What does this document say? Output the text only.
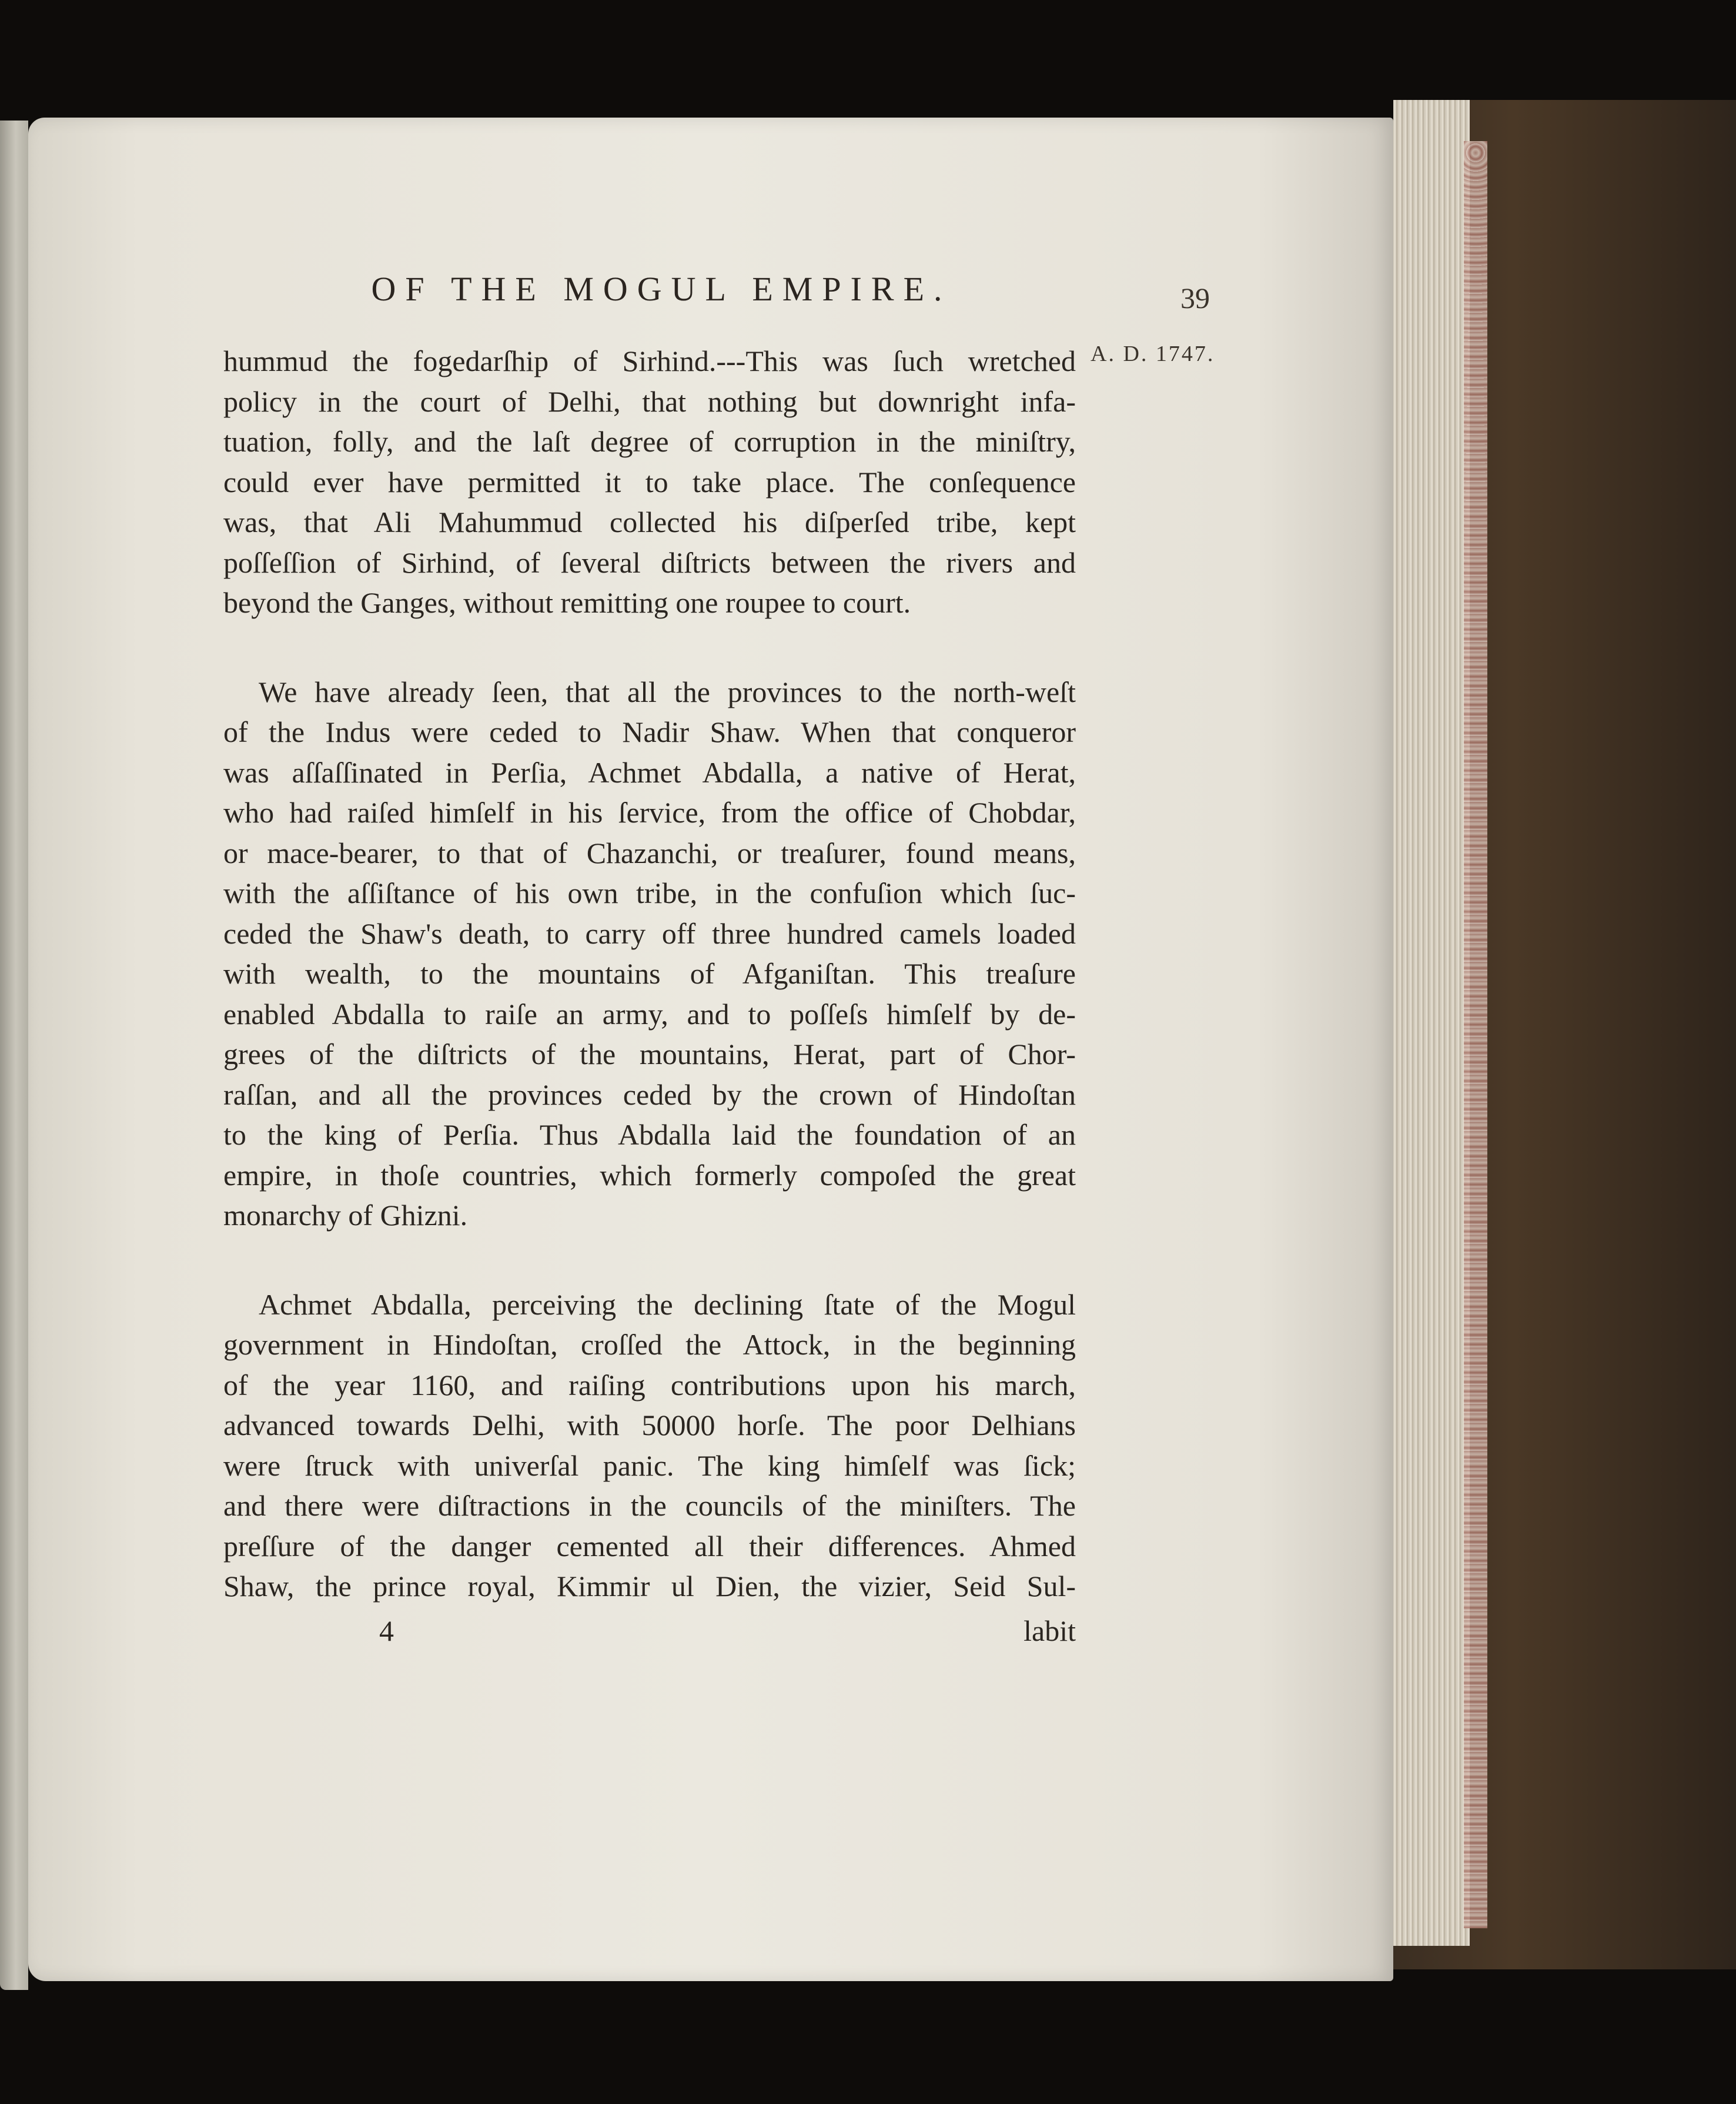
OF THE MOGUL EMPIRE.	39
A. D. 1747.
hummud the fogedarſhip of Sirhind.---This was ſuch wretched
policy in the court of Delhi, that nothing but downright infa-
tuation, folly, and the laſt degree of corruption in the miniſtry,
could ever have permitted it to take place. The conſequence
was, that Ali Mahummud collected his diſperſed tribe, kept
poſſeſſion of Sirhind, of ſeveral diſtricts between the rivers and
beyond the Ganges, without remitting one roupee to court.
We have already ſeen, that all the provinces to the north-weſt
of the Indus were ceded to Nadir Shaw. When that conqueror
was aſſaſſinated in Perſia, Achmet Abdalla, a native of Herat,
who had raiſed himſelf in his ſervice, from the office of Chobdar,
or mace-bearer, to that of Chazanchi, or treaſurer, found means,
with the aſſiſtance of his own tribe, in the confuſion which ſuc-
ceded the Shaw's death, to carry off three hundred camels loaded
with wealth, to the mountains of Afganiſtan. This treaſure
enabled Abdalla to raiſe an army, and to poſſeſs himſelf by de-
grees of the diſtricts of the mountains, Herat, part of Chor-
raſſan, and all the provinces ceded by the crown of Hindoſtan
to the king of Perſia. Thus Abdalla laid the foundation of an
empire, in thoſe countries, which formerly compoſed the great
monarchy of Ghizni.
Achmet Abdalla, perceiving the declining ſtate of the Mogul
government in Hindoſtan, croſſed the Attock, in the beginning
of the year 1160, and raiſing contributions upon his march,
advanced towards Delhi, with 50000 horſe. The poor Delhians
were ſtruck with univerſal panic. The king himſelf was ſick;
and there were diſtractions in the councils of the miniſters. The
preſſure of the danger cemented all their differences. Ahmed
Shaw, the prince royal, Kimmir ul Dien, the vizier, Seid Sul-
4	labit
